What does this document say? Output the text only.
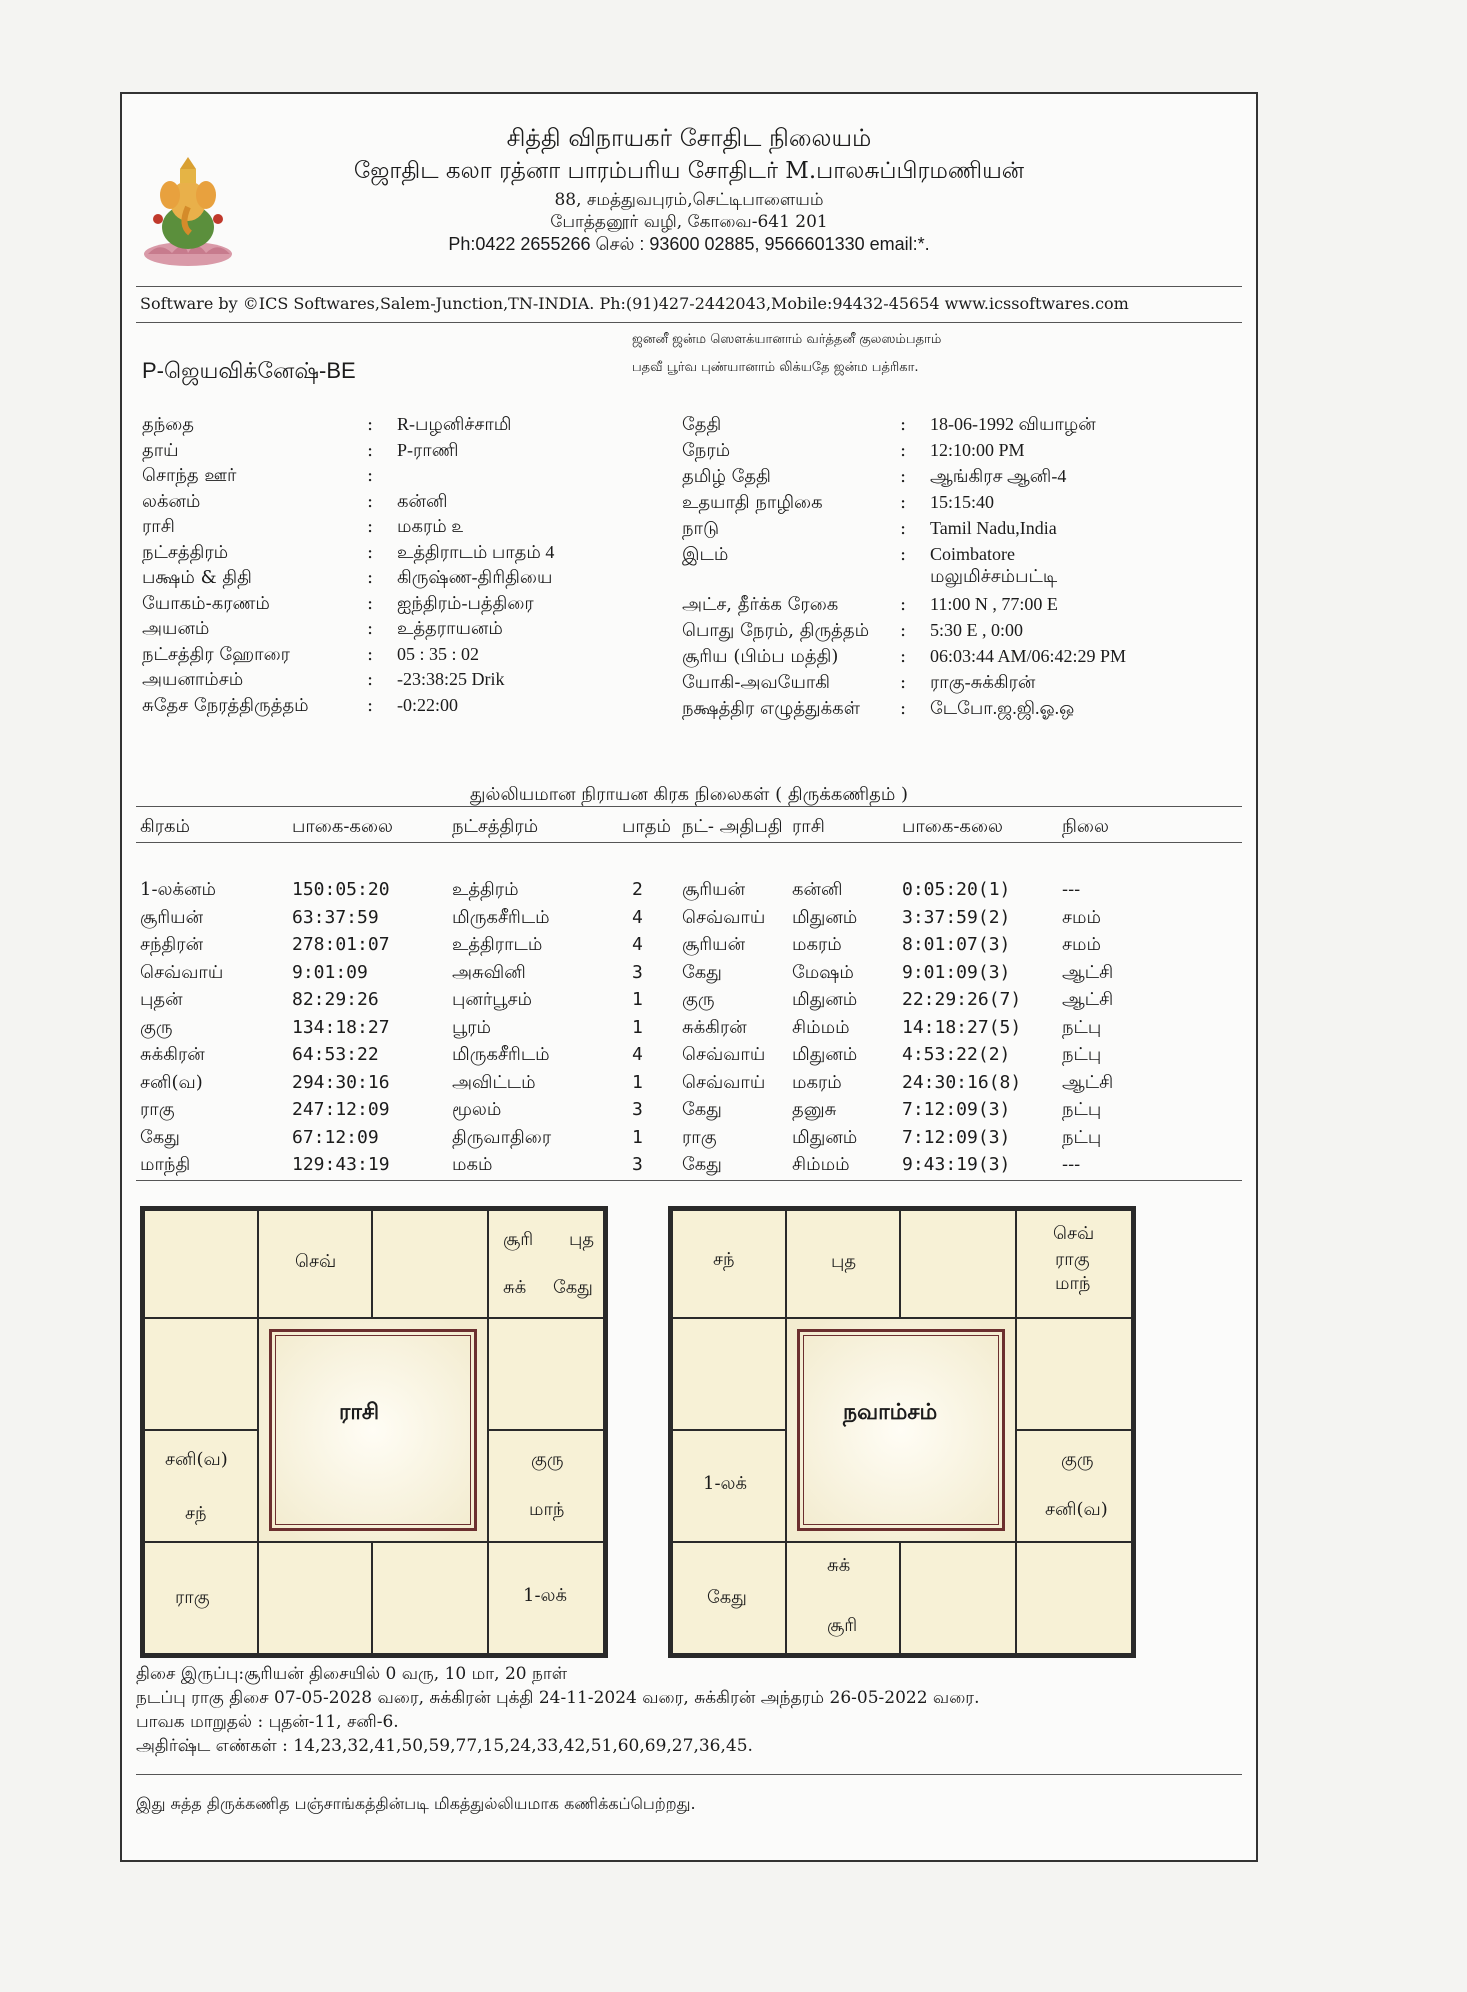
சித்தி விநாயகர் சோதிட நிலையம்
ஜோதிட கலா ரத்னா பாரம்பரிய சோதிடர் M.பாலசுப்பிரமணியன்
88, சமத்துவபுரம்,செட்டிபாளையம்
போத்தனூர் வழி, கோவை-641 201
Ph:0422 2655266 செல் : 93600 02885, 9566601330 email:*.
Software by ©ICS Softwares,Salem-Junction,TN-INDIA. Ph:(91)427-2442043,Mobile:94432-45654 www.icssoftwares.com
P-ஜெயவிக்னேஷ்-BE
ஜனனீ ஜன்ம ஸௌக்யானாம் வர்த்தனீ குலஸம்பதாம்
பதவீ பூர்வ புண்யானாம் லிக்யதே ஜன்ம பத்ரிகா.
தந்தை	: R-பழனிச்சாமி
தாய்	: P-ராணி
சொந்த ஊர்	:
லக்னம்	: கன்னி
ராசி	: மகரம் ௨
நட்சத்திரம்	: உத்திராடம் பாதம் 4
பக்ஷம் & திதி	: கிருஷ்ண-திரிதியை
யோகம்-கரணம்	: ஐந்திரம்-பத்திரை
அயனம்	: உத்தராயனம்
நட்சத்திர ஹோரை	: 05 : 35 : 02
அயனாம்சம்	: -23:38:25 Drik
சுதேச நேரத்திருத்தம்	: -0:22:00
தேதி	: 18-06-1992 வியாழன்
நேரம்	: 12:10:00 PM
தமிழ் தேதி	: ஆங்கிரச ஆனி-4
உதயாதி நாழிகை	: 15:15:40
நாடு	: Tamil Nadu,India
இடம்	: Coimbatore
மலுமிச்சம்பட்டி
அட்ச, தீர்க்க ரேகை	: 11:00 N , 77:00 E
பொது நேரம், திருத்தம் : 5:30 E , 0:00
சூரிய (பிம்ப மத்தி)	: 06:03:44 AM/06:42:29 PM
யோகி-அவயோகி	: ராகு-சுக்கிரன்
நக்ஷத்திர எழுத்துக்கள் : டேபோ.ஜ.ஜி.ஓ.ஒ
துல்லியமான நிராயன கிரக நிலைகள் ( திருக்கணிதம் )
கிரகம்	பாகை-கலை	நட்சத்திரம்	பாதம் நட்- அதிபதி ராசி	பாகை-கலை	நிலை
1-லக்னம்	150:05:20	உத்திரம்	2 சூரியன்	கன்னி	0:05:20(1)	---
சூரியன்	63:37:59	மிருகசீரிடம்	4 செவ்வாய் மிதுனம் 3:37:59(2)	சமம்
சந்திரன்	278:01:07	உத்திராடம்	4 சூரியன்	மகரம்	8:01:07(3)	சமம்
செவ்வாய்	9:01:09	அசுவினி	3 கேது	மேஷம்	9:01:09(3)	ஆட்சி
புதன்	82:29:26	புனர்பூசம்	1 குரு	மிதுனம் 22:29:26(7) ஆட்சி
குரு	134:18:27	பூரம்	1 சுக்கிரன்	சிம்மம்	14:18:27(5) நட்பு
சுக்கிரன்	64:53:22	மிருகசீரிடம்	4 செவ்வாய் மிதுனம் 4:53:22(2)	நட்பு
சனி(வ)	294:30:16	அவிட்டம்	1 செவ்வாய் மகரம்	24:30:16(8) ஆட்சி
ராகு	247:12:09	மூலம்	3 கேது	தனுசு	7:12:09(3)	நட்பு
கேது	67:12:09	திருவாதிரை	1 ராகு	மிதுனம் 7:12:09(3)	நட்பு
மாந்தி	129:43:19	மகம்	3 கேது	சிம்மம்	9:43:19(3)	---
செவ்
சூரி புத
சுக் கேது
சனி(வ)
சந்
குரு
மாந்
ராகு	1-லக்
ராசி
சந்	புத
செவ்
ராகு
மாந்
1-லக்
குரு
சனி(வ)
கேது
சுக்
சூரி
நவாம்சம்
திசை இருப்பு:சூரியன் திசையில் 0 வரு, 10 மா, 20 நாள்
நடப்பு ராகு திசை 07-05-2028 வரை, சுக்கிரன் புக்தி 24-11-2024 வரை, சுக்கிரன் அந்தரம் 26-05-2022 வரை.
பாவக மாறுதல் : புதன்-11, சனி-6.
அதிர்ஷ்ட எண்கள் : 14,23,32,41,50,59,77,15,24,33,42,51,60,69,27,36,45.
இது சுத்த திருக்கணித பஞ்சாங்கத்தின்படி மிகத்துல்லியமாக கணிக்கப்பெற்றது.
